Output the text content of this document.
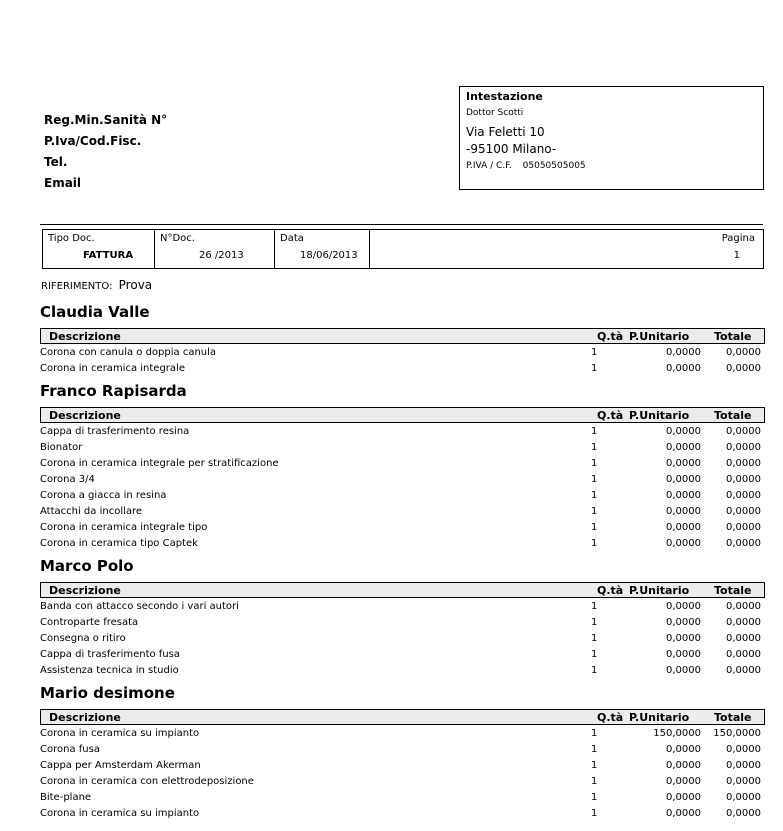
Reg.Min.Sanità N°
P.Iva/Cod.Fisc.
Tel.
Email
Intestazione
Dottor Scotti
Via Feletti 10
-95100 Milano-
P.IVA / C.F. 05050505005
Tipo Doc.
FATTURA
N°Doc.
26 /2013
Data
18/06/2013
Pagina
1
RIFERIMENTO: Prova
Claudia Valle
Descrizione	Q.tà P.Unitario Totale
Corona con canula o doppia canula	1	0,0000	0,0000
Corona in ceramica integrale	1	0,0000	0,0000
Franco Rapisarda
Descrizione	Q.tà P.Unitario Totale
Cappa di trasferimento resina	1	0,0000	0,0000
Bionator	1	0,0000	0,0000
Corona in ceramica integrale per stratificazione	1	0,0000	0,0000
Corona 3/4	1	0,0000	0,0000
Corona a giacca in resina	1	0,0000	0,0000
Attacchi da incollare	1	0,0000	0,0000
Corona in ceramica integrale tipo	1	0,0000	0,0000
Corona in ceramica tipo Captek	1	0,0000	0,0000
Marco Polo
Descrizione	Q.tà P.Unitario Totale
Banda con attacco secondo i vari autori	1	0,0000	0,0000
Controparte fresata	1	0,0000	0,0000
Consegna o ritiro	1	0,0000	0,0000
Cappa di trasferimento fusa	1	0,0000	0,0000
Assistenza tecnica in studio	1	0,0000	0,0000
Mario desimone
Descrizione	Q.tà P.Unitario Totale
Corona in ceramica su impianto	1	150,0000 150,0000
Corona fusa	1	0,0000	0,0000
Cappa per Amsterdam Akerman	1	0,0000	0,0000
Corona in ceramica con elettrodeposizione	1	0,0000	0,0000
Bite-plane	1	0,0000	0,0000
Corona in ceramica su impianto	1	0,0000	0,0000
